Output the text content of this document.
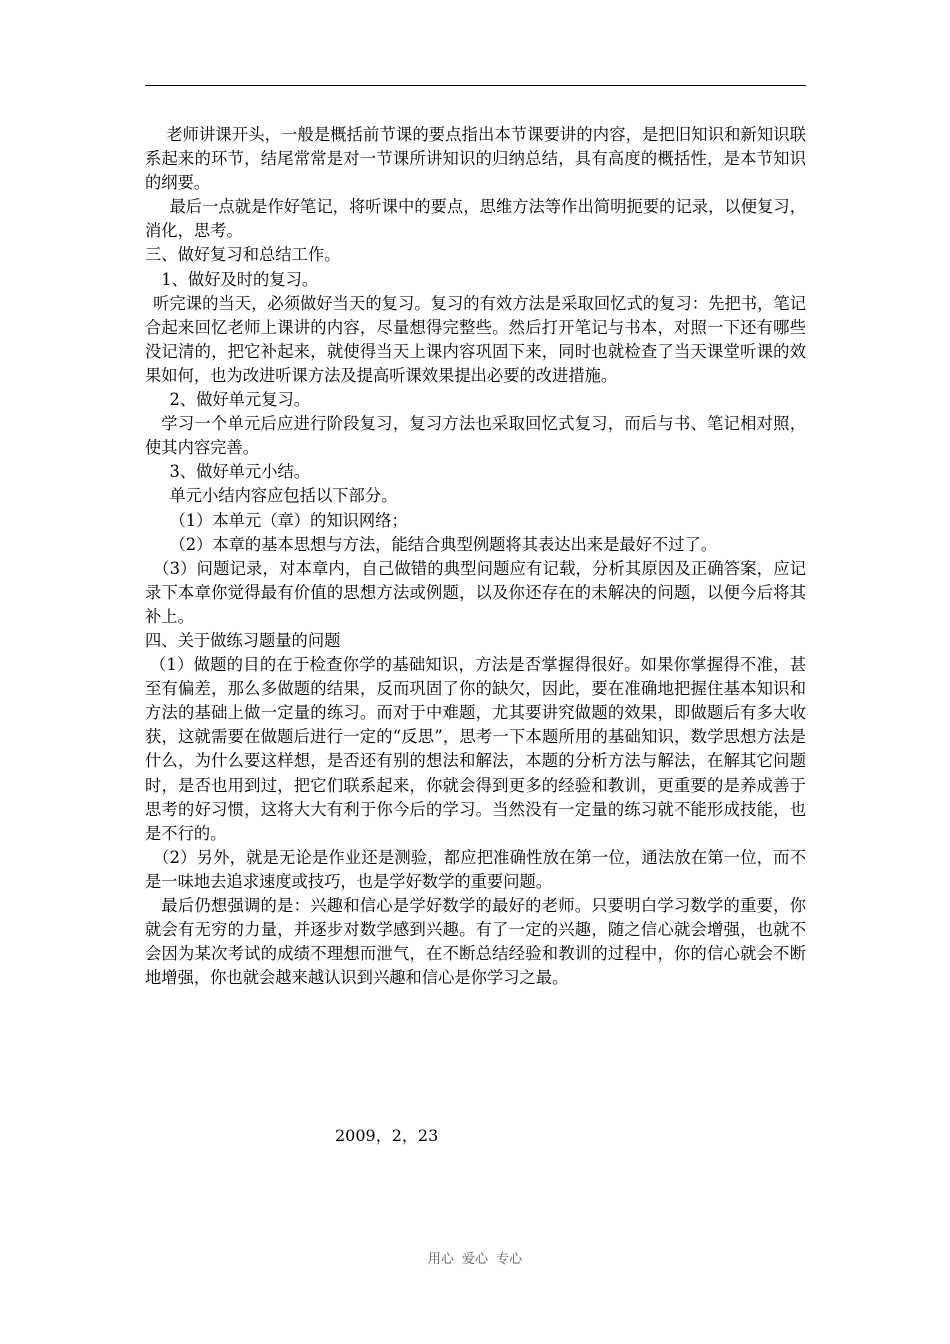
老师讲课开头，一般是概括前节课的要点指出本节课要讲的内容，是把旧知识和新知识联系起来的环节，结尾常常是对一节课所讲知识的归纳总结，具有高度的概括性，是本节知识的纲要。

最后一点就是作好笔记，将听课中的要点，思维方法等作出简明扼要的记录，以便复习，消化，思考。

三、做好复习和总结工作。

1、做好及时的复习。

听完课的当天，必须做好当天的复习。复习的有效方法是采取回忆式的复习：先把书，笔记合起来回忆老师上课讲的内容，尽量想得完整些。然后打开笔记与书本，对照一下还有哪些没记清的，把它补起来，就使得当天上课内容巩固下来，同时也就检查了当天课堂听课的效果如何，也为改进听课方法及提高听课效果提出必要的改进措施。

2、做好单元复习。

学习一个单元后应进行阶段复习，复习方法也采取回忆式复习，而后与书、笔记相对照，使其内容完善。

3、做好单元小结。

单元小结内容应包括以下部分。

（1）本单元（章）的知识网络；

（2）本章的基本思想与方法，能结合典型例题将其表达出来是最好不过了。

（3）问题记录，对本章内，自己做错的典型问题应有记载，分析其原因及正确答案，应记录下本章你觉得最有价值的思想方法或例题，以及你还存在的未解决的问题，以便今后将其补上。

四、关于做练习题量的问题

（1）做题的目的在于检查你学的基础知识，方法是否掌握得很好。如果你掌握得不准，甚至有偏差，那么多做题的结果，反而巩固了你的缺欠，因此，要在准确地把握住基本知识和方法的基础上做一定量的练习。而对于中难题，尤其要讲究做题的效果，即做题后有多大收获，这就需要在做题后进行一定的“反思”，思考一下本题所用的基础知识，数学思想方法是什么，为什么要这样想，是否还有别的想法和解法，本题的分析方法与解法，在解其它问题时，是否也用到过，把它们联系起来，你就会得到更多的经验和教训，更重要的是养成善于思考的好习惯，这将大大有利于你今后的学习。当然没有一定量的练习就不能形成技能，也是不行的。

（2）另外，就是无论是作业还是测验，都应把准确性放在第一位，通法放在第一位，而不是一味地去追求速度或技巧，也是学好数学的重要问题。

最后仍想强调的是：兴趣和信心是学好数学的最好的老师。只要明白学习数学的重要，你就会有无穷的力量，并逐步对数学感到兴趣。有了一定的兴趣，随之信心就会增强，也就不会因为某次考试的成绩不理想而泄气，在不断总结经验和教训的过程中，你的信心就会不断地增强，你也就会越来越认识到兴趣和信心是你学习之最。

2009，2，23
用心 爱心 专心
